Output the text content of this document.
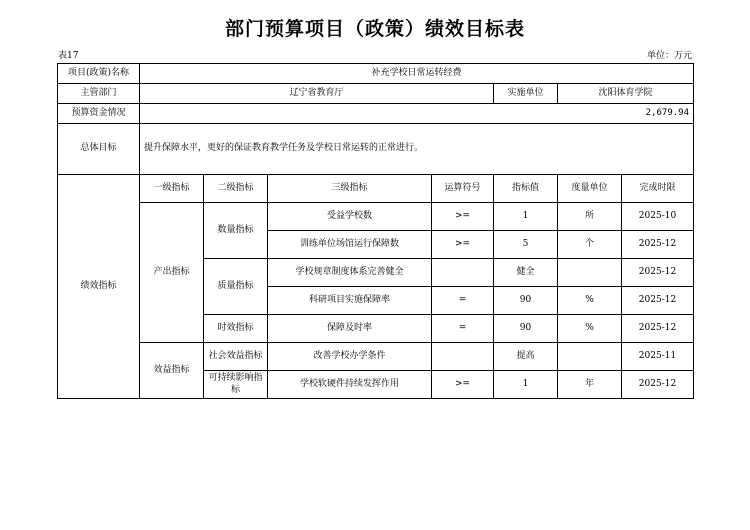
部门预算项目（政策）绩效目标表
表17	单位：万元
项目(政策)名称	补充学校日常运转经费						
主管部门	辽宁省教育厅				实施单位	沈阳体育学院	
预算资金情况	2,679.94						
总体目标	提升保障水平，更好的保证教育教学任务及学校日常运转的正常进行。						
绩效指标	一级指标	二级指标	三级指标	运算符号	指标值	度量单位	完成时限
	产出指标	数量指标	受益学校数	>=	1	所	2025-10
			训练单位场馆运行保障数	>=	5	个	2025-12
		质量指标	学校规章制度体系完善健全		健全		2025-12
			科研项目实施保障率	=	90	%	2025-12
		时效指标	保障及时率	=	90	%	2025-12
	效益指标	社会效益指标	改善学校办学条件		提高		2025-11
		可持续影响指标	学校软硬件持续发挥作用	>=	1	年	2025-12
